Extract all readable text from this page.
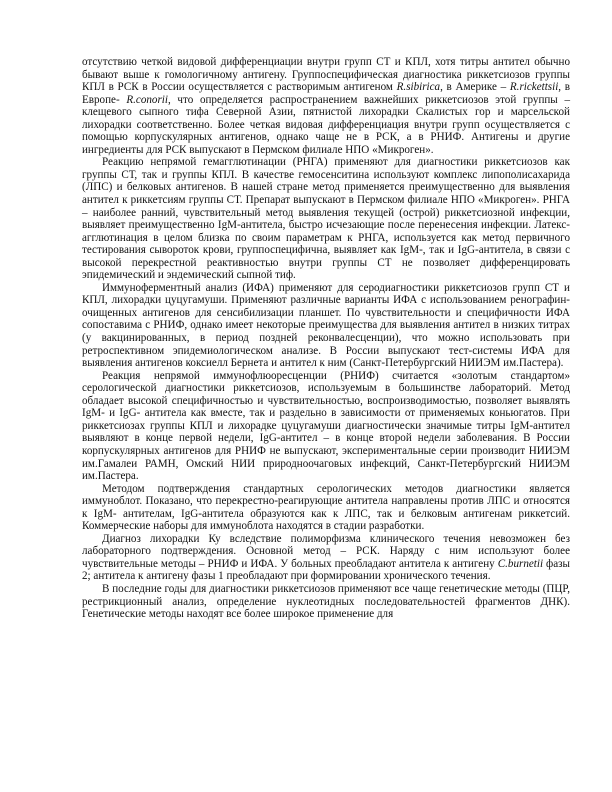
отсутствию четкой видовой дифференциации внутри групп СТ и КПЛ, хотя титры антител обычно бывают выше к гомологичному антигену. Группоспецифическая диагностика риккетсиозов группы КПЛ в РСК в России осуществляется с растворимым антигеном R.sibirica, в Америке – R.rickettsii, в Европе- R.conorii, что определяется распространением важнейших риккетсиозов этой группы – клещевого сыпного тифа Северной Азии, пятнистой лихорадки Скалистых гор и марсельской лихорадки соответственно. Более четкая видовая дифференциация внутри групп осуществляется с помощью корпускулярных антигенов, однако чаще не в РСК, а в РНИФ. Антигены и другие ингредиенты для РСК выпускают в Пермском филиале НПО «Микроген».

Реакцию непрямой гемагглютинации (РНГА) применяют для диагностики риккетсиозов как группы СТ, так и группы КПЛ. В качестве гемосенситина используют комплекс липополисахарида (ЛПС) и белковых антигенов. В нашей стране метод применяется преимущественно для выявления антител к риккетсиям группы СТ. Препарат выпускают в Пермском филиале НПО «Микроген». РНГА – наиболее ранний, чувствительный метод выявления текущей (острой) риккетсиозной инфекции, выявляет преимущественно IgM-антитела, быстро исчезающие после перенесения инфекции. Латекс-агглютинация в целом близка по своим параметрам к РНГА, используется как метод первичного тестирования сывороток крови, группоспецифична, выявляет как IgM-, так и IgG-антитела, в связи с высокой перекрестной реактивностью внутри группы СТ не позволяет дифференцировать эпидемический и эндемический сыпной тиф.

Иммуноферментный анализ (ИФА) применяют для серодиагностики риккетсиозов групп СТ и КПЛ, лихорадки цуцугамуши. Применяют различные варианты ИФА с использованием ренографин-очищенных антигенов для сенсибилизации планшет. По чувствительности и специфичности ИФА сопоставима с РНИФ, однако имеет некоторые преимущества для выявления антител в низких титрах (у вакцинированных, в период поздней реконвалесценции), что можно использовать при ретроспективном эпидемиологическом анализе. В России выпускают тест-системы ИФА для выявления антигенов коксиелл Бернета и антител к ним (Санкт-Петербургский НИИЭМ им.Пастера).

Реакция непрямой иммунофлюоресценции (РНИФ) считается «золотым стандартом» серологической диагностики риккетсиозов, используемым в большинстве лабораторий. Метод обладает высокой специфичностью и чувствительностью, воспроизводимостью, позволяет выявлять IgM- и IgG- антитела как вместе, так и раздельно в зависимости от применяемых коньюгатов. При риккетсиозах группы КПЛ и лихорадке цуцугамуши диагностически значимые титры IgM-антител выявляют в конце первой недели, IgG-антител – в конце второй недели заболевания. В России корпускулярных антигенов для РНИФ не выпускают, экспериментальные серии производит НИИЭМ им.Гамалеи РАМН, Омский НИИ природноочаговых инфекций, Санкт-Петербургский НИИЭМ им.Пастера.

Методом подтверждения стандартных серологических методов диагностики является иммуноблот. Показано, что перекрестно-реагирующие антитела направлены против ЛПС и относятся к IgM- антителам, IgG-антитела образуются как к ЛПС, так и белковым антигенам риккетсий. Коммерческие наборы для иммуноблота находятся в стадии разработки.

Диагноз лихорадки Ку вследствие полиморфизма клинического течения невозможен без лабораторного подтверждения. Основной метод – РСК. Наряду с ним используют более чувствительные методы – РНИФ и ИФА. У больных преобладают антитела к антигену C.burnetii фазы 2; антитела к антигену фазы 1 преобладают при формировании хронического течения.

В последние годы для диагностики риккетсиозов применяют все чаще генетические методы (ПЦР, рестрикционный анализ, определение нуклеотидных последовательностей фрагментов ДНК). Генетические методы находят все более широкое применение для
